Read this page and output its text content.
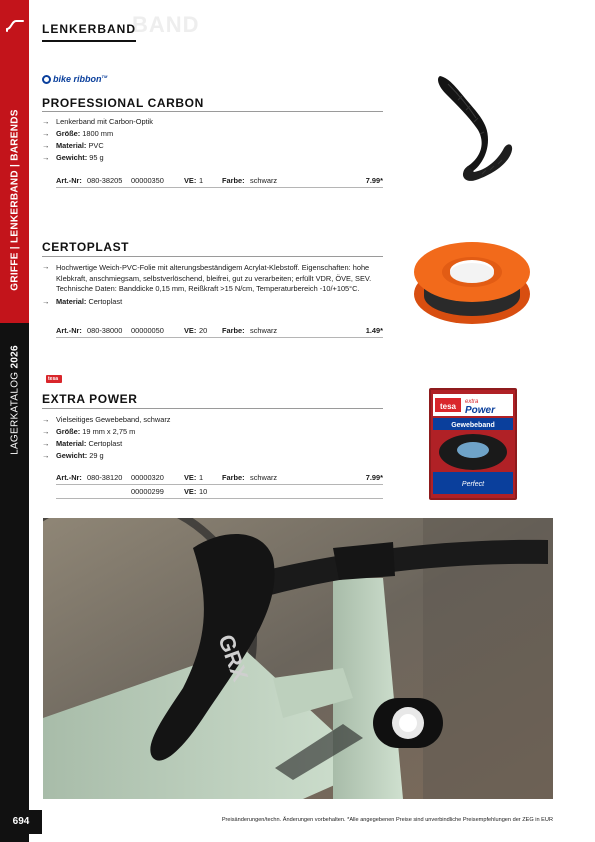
GRIFFE | LENKERBAND | BARENDS
LAGERKATALOG 2026
BAND
LENKERBAND
bike ribbon™
PROFESSIONAL CARBON
→ Lenkerband mit Carbon-Optik
→ Größe: 1800 mm
→ Material: PVC
→ Gewicht: 95 g
Art.-Nr: 080-38205 00000350	VE: 1	Farbe: schwarz	7.99*
CERTOPLAST
→ Hochwertige Weich-PVC-Folie mit alterungsbeständigem Acrylat-Klebstoff. Eigenschaften: hohe Klebkraft, anschmiegsam, selbstverlöschend, bleifrei, gut zu verarbeiten; erfüllt VDR, ÖVE, SEV. Technische Daten: Banddicke 0,15 mm, Reißkraft >15 N/cm, Temperaturbereich -10/+105°C.
→ Material: Certoplast
Art.-Nr: 080-38000 00000050	VE: 20 Farbe: schwarz	1.49*
tesa
EXTRA POWER
→ Vielseitiges Gewebeband, schwarz
→ Größe: 19 mm x 2,75 m
→ Material: Certoplast
→ Gewicht: 29 g
Art.-Nr: 080-38120 00000320	VE: 1	Farbe: schwarz	7.99*
00000299	VE: 10
tesa extra
Power
Gewebeband
Perfect
GRX
694	Preisänderungen/techn. Änderungen vorbehalten. *Alle angegebenen Preise sind unverbindliche Preisempfehlungen der ZEG in EUR
